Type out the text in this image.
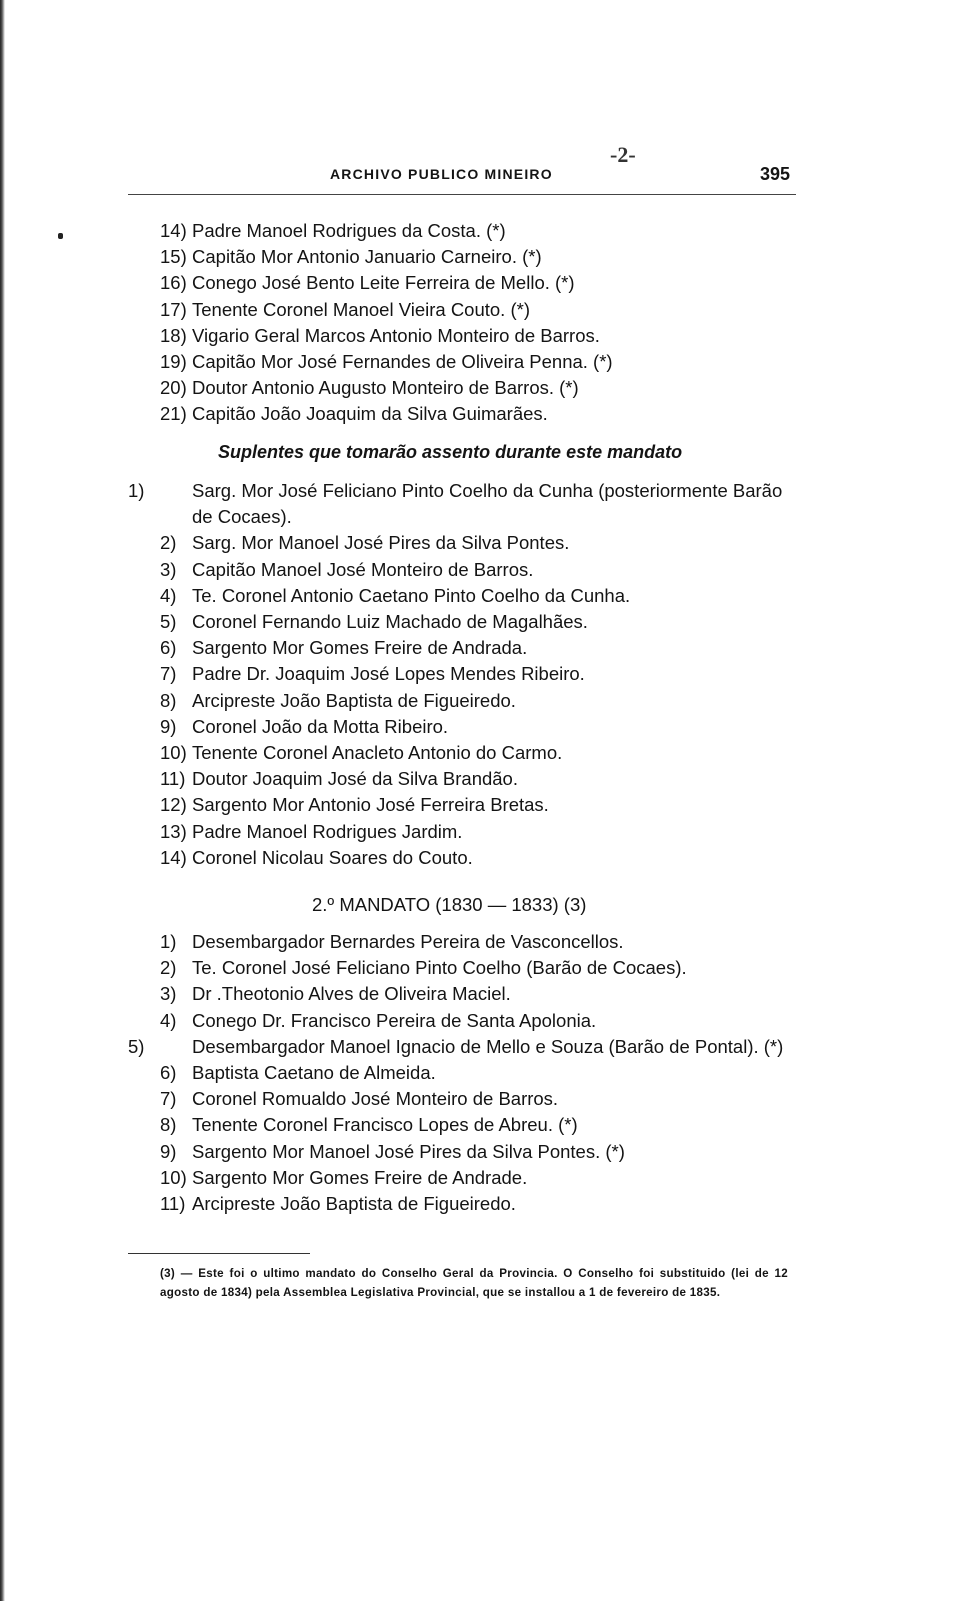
ARCHIVO PUBLICO MINEIRO
-2-
395
14) Padre Manoel Rodrigues da Costa. (*)
15) Capitão Mor Antonio Januario Carneiro. (*)
16) Conego José Bento Leite Ferreira de Mello. (*)
17) Tenente Coronel Manoel Vieira Couto. (*)
18) Vigario Geral Marcos Antonio Monteiro de Barros.
19) Capitão Mor José Fernandes de Oliveira Penna. (*)
20) Doutor Antonio Augusto Monteiro de Barros. (*)
21) Capitão João Joaquim da Silva Guimarães.
Suplentes que tomarão assento durante este mandato
1)	Sarg. Mor José Feliciano Pinto Coelho da Cunha (posteriormente Barão de Cocaes).
2) Sarg. Mor Manoel José Pires da Silva Pontes.
3) Capitão Manoel José Monteiro de Barros.
4) Te. Coronel Antonio Caetano Pinto Coelho da Cunha.
5) Coronel Fernando Luiz Machado de Magalhães.
6) Sargento Mor Gomes Freire de Andrada.
7) Padre Dr. Joaquim José Lopes Mendes Ribeiro.
8) Arcipreste João Baptista de Figueiredo.
9) Coronel João da Motta Ribeiro.
10) Tenente Coronel Anacleto Antonio do Carmo.
11) Doutor Joaquim José da Silva Brandão.
12) Sargento Mor Antonio José Ferreira Bretas.
13) Padre Manoel Rodrigues Jardim.
14) Coronel Nicolau Soares do Couto.
2.º MANDATO (1830 — 1833) (3)
1) Desembargador Bernardes Pereira de Vasconcellos.
2) Te. Coronel José Feliciano Pinto Coelho (Barão de Cocaes).
3) Dr .Theotonio Alves de Oliveira Maciel.
4) Conego Dr. Francisco Pereira de Santa Apolonia.
5)	Desembargador Manoel Ignacio de Mello e Souza (Barão de Pontal). (*)
6) Baptista Caetano de Almeida.
7) Coronel Romualdo José Monteiro de Barros.
8) Tenente Coronel Francisco Lopes de Abreu. (*)
9) Sargento Mor Manoel José Pires da Silva Pontes. (*)
10) Sargento Mor Gomes Freire de Andrade.
11) Arcipreste João Baptista de Figueiredo.
(3) — Este foi o ultimo mandato do Conselho Geral da Provincia. O Conselho foi substituido (lei de 12 agosto de 1834) pela Assemblea Legislativa Provincial, que se installou a 1 de fevereiro de 1835.
